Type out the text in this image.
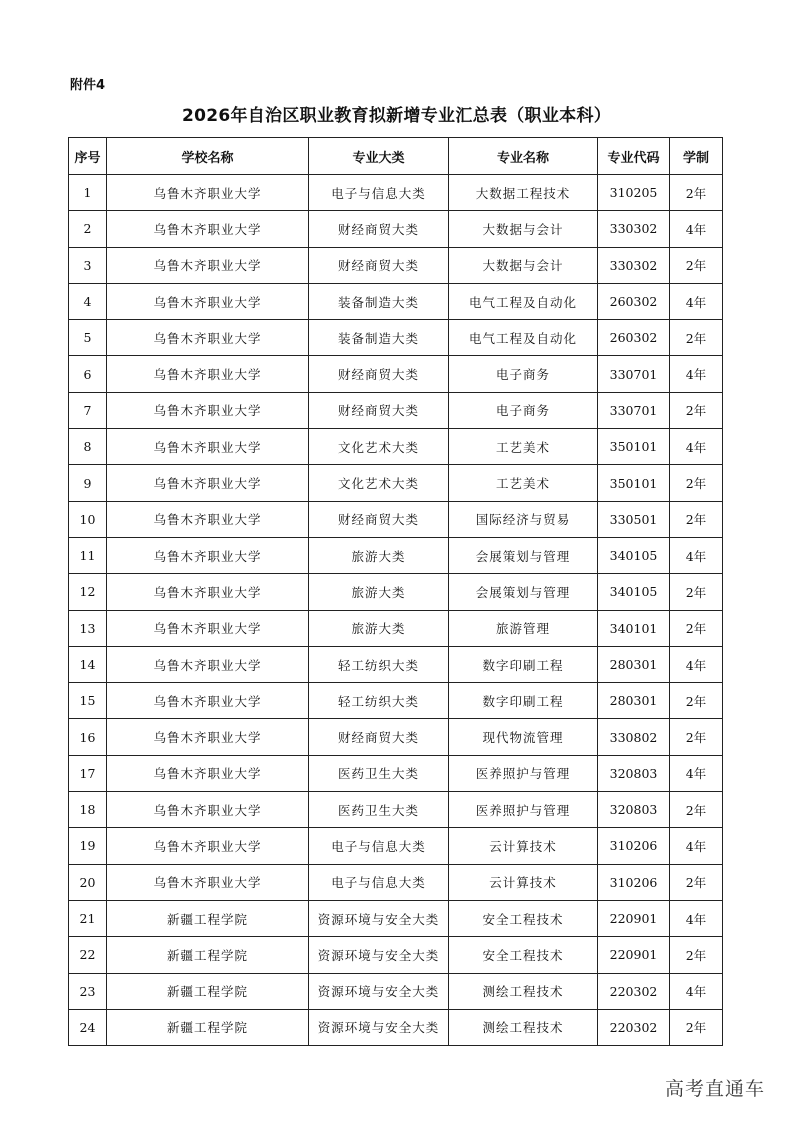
附件4
2026年自治区职业教育拟新增专业汇总表（职业本科）
序号	学校名称	专业大类	专业名称	专业代码	学制
1	乌鲁木齐职业大学	电子与信息大类	大数据工程技术	310205	2年
2	乌鲁木齐职业大学	财经商贸大类	大数据与会计	330302	4年
3	乌鲁木齐职业大学	财经商贸大类	大数据与会计	330302	2年
4	乌鲁木齐职业大学	装备制造大类	电气工程及自动化	260302	4年
5	乌鲁木齐职业大学	装备制造大类	电气工程及自动化	260302	2年
6	乌鲁木齐职业大学	财经商贸大类	电子商务	330701	4年
7	乌鲁木齐职业大学	财经商贸大类	电子商务	330701	2年
8	乌鲁木齐职业大学	文化艺术大类	工艺美术	350101	4年
9	乌鲁木齐职业大学	文化艺术大类	工艺美术	350101	2年
10	乌鲁木齐职业大学	财经商贸大类	国际经济与贸易	330501	2年
11	乌鲁木齐职业大学	旅游大类	会展策划与管理	340105	4年
12	乌鲁木齐职业大学	旅游大类	会展策划与管理	340105	2年
13	乌鲁木齐职业大学	旅游大类	旅游管理	340101	2年
14	乌鲁木齐职业大学	轻工纺织大类	数字印刷工程	280301	4年
15	乌鲁木齐职业大学	轻工纺织大类	数字印刷工程	280301	2年
16	乌鲁木齐职业大学	财经商贸大类	现代物流管理	330802	2年
17	乌鲁木齐职业大学	医药卫生大类	医养照护与管理	320803	4年
18	乌鲁木齐职业大学	医药卫生大类	医养照护与管理	320803	2年
19	乌鲁木齐职业大学	电子与信息大类	云计算技术	310206	4年
20	乌鲁木齐职业大学	电子与信息大类	云计算技术	310206	2年
21	新疆工程学院	资源环境与安全大类	安全工程技术	220901	4年
22	新疆工程学院	资源环境与安全大类	安全工程技术	220901	2年
23	新疆工程学院	资源环境与安全大类	测绘工程技术	220302	4年
24	新疆工程学院	资源环境与安全大类	测绘工程技术	220302	2年
高考直通车
